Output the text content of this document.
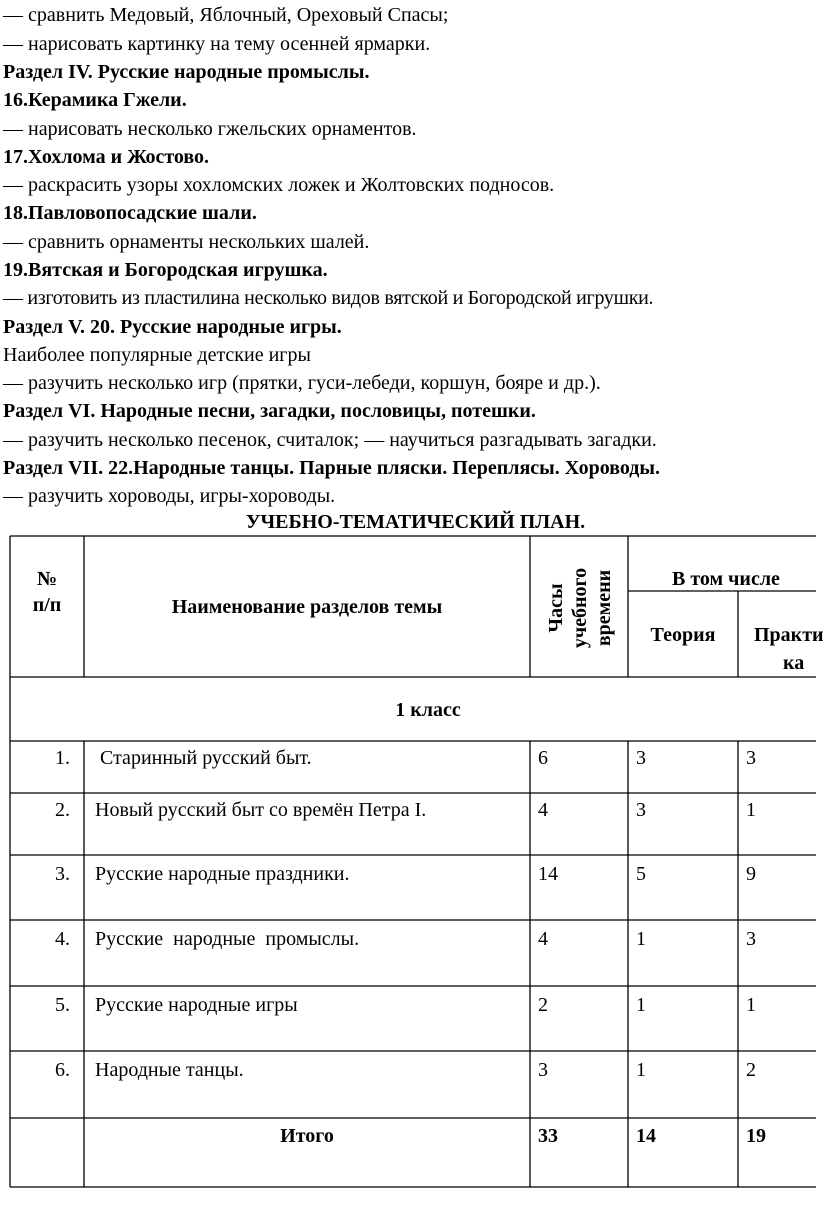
— сравнить Медовый, Яблочный, Ореховый Спасы;
— нарисовать картинку на тему осенней ярмарки.
Раздел IV. Русские народные промыслы.
16.Керамика Гжели.
— нарисовать несколько гжельских орнаментов.
17.Хохлома и Жостово.
— раскрасить узоры хохломских ложек и Жолтовских подносов.
18.Павловопосадские шали.
— сравнить орнаменты нескольких шалей.
19.Вятская и Богородская игрушка.
— изготовить из пластилина несколько видов вятской и Богородской игрушки.
Раздел V. 20. Русские народные игры.
Наиболее популярные детские игры
— разучить несколько игр (прятки, гуси-лебеди, коршун, бояре и др.).
Раздел VI. Народные песни, загадки, пословицы, потешки.
— разучить несколько песенок, считалок; — научиться разгадывать загадки.
Раздел VII. 22.Народные танцы. Парные пляски. Переплясы. Хороводы.
— разучить хороводы, игры-хороводы.
УЧЕБНО-ТЕМАТИЧЕСКИЙ ПЛАН.
№
п/п	Наименование разделов темы	Часы учебного времени	В том числе
Теория	Практи
ка
1 класс
1. Старинный русский быт.	6	3	3
2. Новый русский быт со времён Петра I.	4	3	1
3. Русские народные праздники.	14	5	9
4. Русские  народные  промыслы.	4	1	3
5. Русские народные игры	2	1	1
6. Народные танцы.	3	1	2
Итого	33	14	19
